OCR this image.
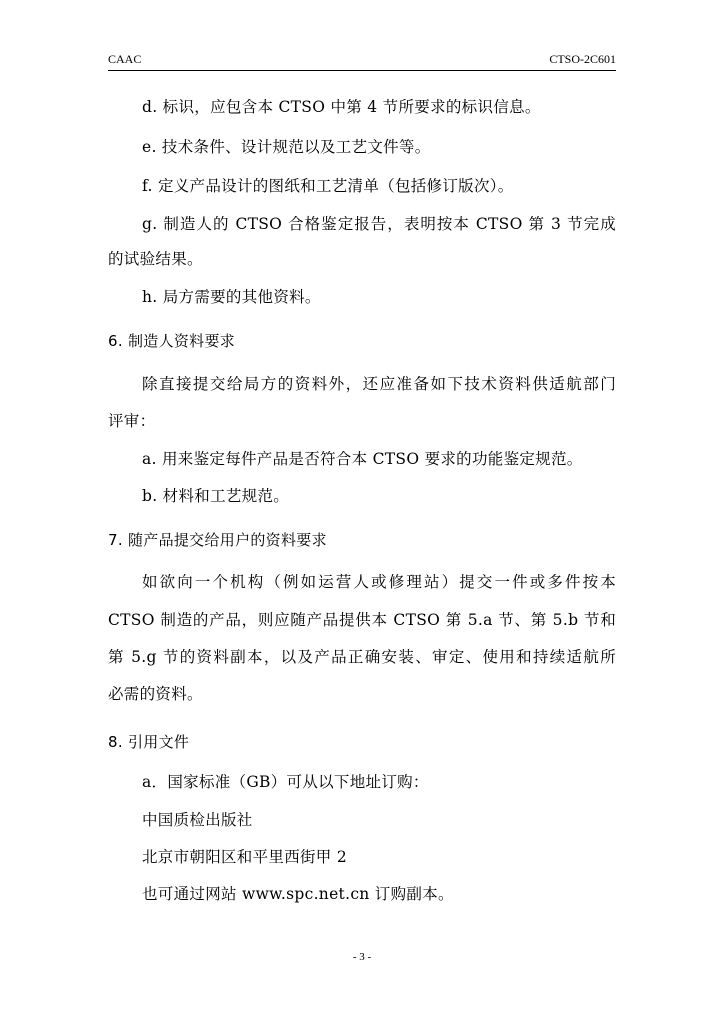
CAAC	CTSO-2C601
d. 标识，应包含本 CTSO 中第 4 节所要求的标识信息。
e. 技术条件、设计规范以及工艺文件等。
f. 定义产品设计的图纸和工艺清单（包括修订版次）。
g. 制造人的 CTSO 合格鉴定报告，表明按本 CTSO 第 3 节完成
的试验结果。
h. 局方需要的其他资料。
6. 制造人资料要求
除直接提交给局方的资料外，还应准备如下技术资料供适航部门
评审：
a. 用来鉴定每件产品是否符合本 CTSO 要求的功能鉴定规范。
b. 材料和工艺规范。
7. 随产品提交给用户的资料要求
如欲向一个机构（例如运营人或修理站）提交一件或多件按本
CTSO 制造的产品，则应随产品提供本 CTSO 第 5.a 节、第 5.b 节和
第 5.g 节的资料副本，以及产品正确安装、审定、使用和持续适航所
必需的资料。
8. 引用文件
a．国家标准（GB）可从以下地址订购：
中国质检出版社
北京市朝阳区和平里西街甲 2
也可通过网站 www.spc.net.cn 订购副本。
- 3 -
